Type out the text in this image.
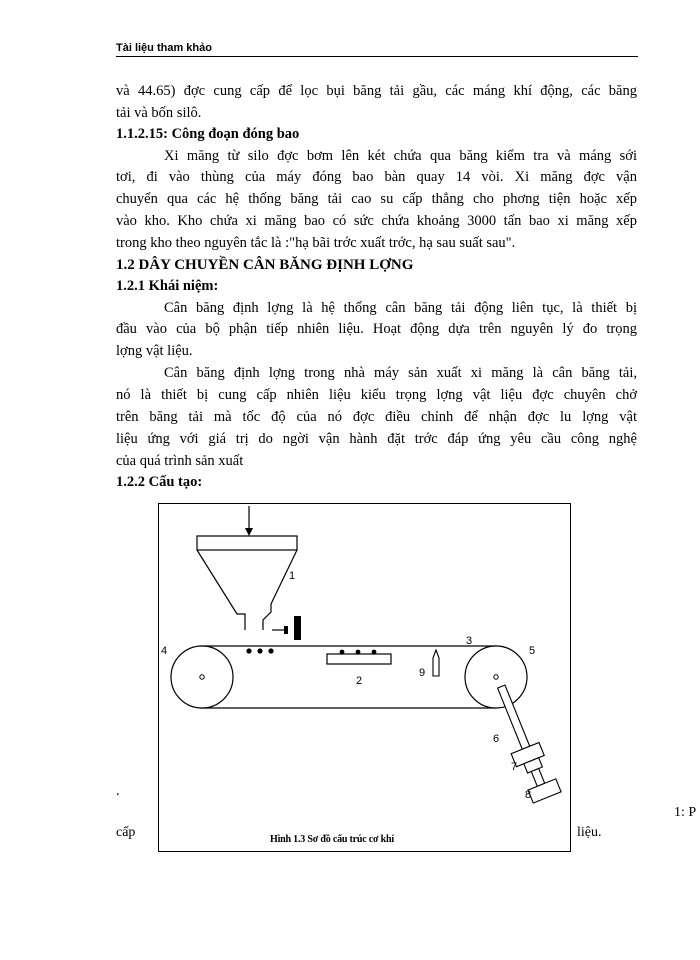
Tài liệu tham khảo
và 44.65) đợc cung cấp để lọc bụi băng tải gầu, các máng khí động, các băng
tải và bốn silô.
1.1.2.15: Công đoạn đóng bao
Xi măng từ silo đợc bơm lên két chứa qua băng kiểm tra và máng sới
tơi, đi vào thùng của máy đóng bao bàn quay 14 vòi. Xi măng đợc vận
chuyển qua các hệ thống băng tải cao su cấp thẳng cho phơng tiện hoặc xếp
vào kho. Kho chứa xi măng bao có sức chứa khoảng 3000 tấn bao xi măng xếp
trong kho theo nguyên tắc là :"hạ bãi trớc xuất trớc, hạ sau suất sau".
1.2 DÂY CHUYỀN CÂN BĂNG ĐỊNH LỢNG
1.2.1 Khái niệm:
Cân băng định lợng là hệ thống cân băng tải động liên tục, là thiết bị
đầu vào của bộ phận tiếp nhiên liệu. Hoạt động dựa trên nguyên lý đo trọng
lợng vật liệu.
Cân băng định lợng trong nhà máy sản xuất xi măng là cân băng tải,
nó là thiết bị cung cấp nhiên liệu kiểu trọng lợng vật liệu đợc chuyên chở
trên băng tải mà tốc độ của nó đợc điều chỉnh để nhận đợc lu lợng vật
liệu ứng với giá trị do ngời vận hành đặt trớc đáp ứng yêu cầu công nghệ
của quá trình sản xuất
1.2.2 Cấu tạo:
.
cấp	liệu.
1: P
1
2
3
4	5
6
7
8
9
Hình 1.3 Sơ đồ cấu trúc cơ khí
